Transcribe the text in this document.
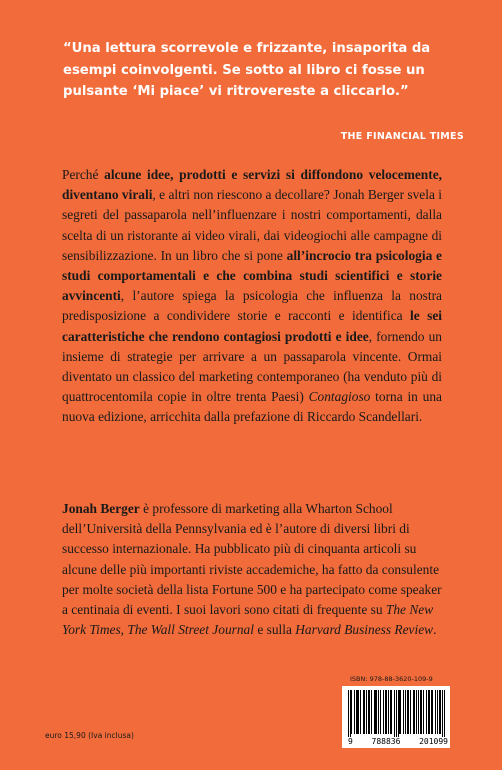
“Una lettura scorrevole e frizzante, insaporita da esempi coinvolgenti. Se sotto al libro ci fosse un pulsante ‘Mi piace’ vi ritrovereste a cliccarlo.”
THE FINANCIAL TIMES
Perché alcune idee, prodotti e servizi si diffondono velocemente, diventano virali, e altri non riescono a decollare? Jonah Berger svela i segreti del passaparola nell’influenzare i nostri comportamenti, dalla scelta di un ristorante ai video virali, dai videogiochi alle campagne di sensibilizzazione. In un libro che si pone all’incrocio tra psicologia e studi comportamentali e che combina studi scientifici e storie avvincenti, l’autore spiega la psicologia che influenza la nostra predisposizione a condividere storie e racconti e identifica le sei caratteristiche che rendono contagiosi prodotti e idee, fornendo un insieme di strategie per arrivare a un passaparola vincente. Ormai diventato un classico del marketing contemporaneo (ha venduto più di quattrocentomila copie in oltre trenta Paesi) Contagioso torna in una nuova edizione, arricchita dalla prefazione di Riccardo Scandellari.
Jonah Berger è professore di marketing alla Wharton School dell’Università della Pennsylvania ed è l’autore di diversi libri di successo internazionale. Ha pubblicato più di cinquanta articoli su alcune delle più importanti riviste accademiche, ha fatto da consulente per molte società della lista Fortune 500 e ha partecipato come speaker a centinaia di eventi. I suoi lavori sono citati di frequente su The New York Times, The Wall Street Journal e sulla Harvard Business Review.
ISBN: 978-88-3620-109-9
9 788836 201099
euro 15,90 (Iva inclusa)
